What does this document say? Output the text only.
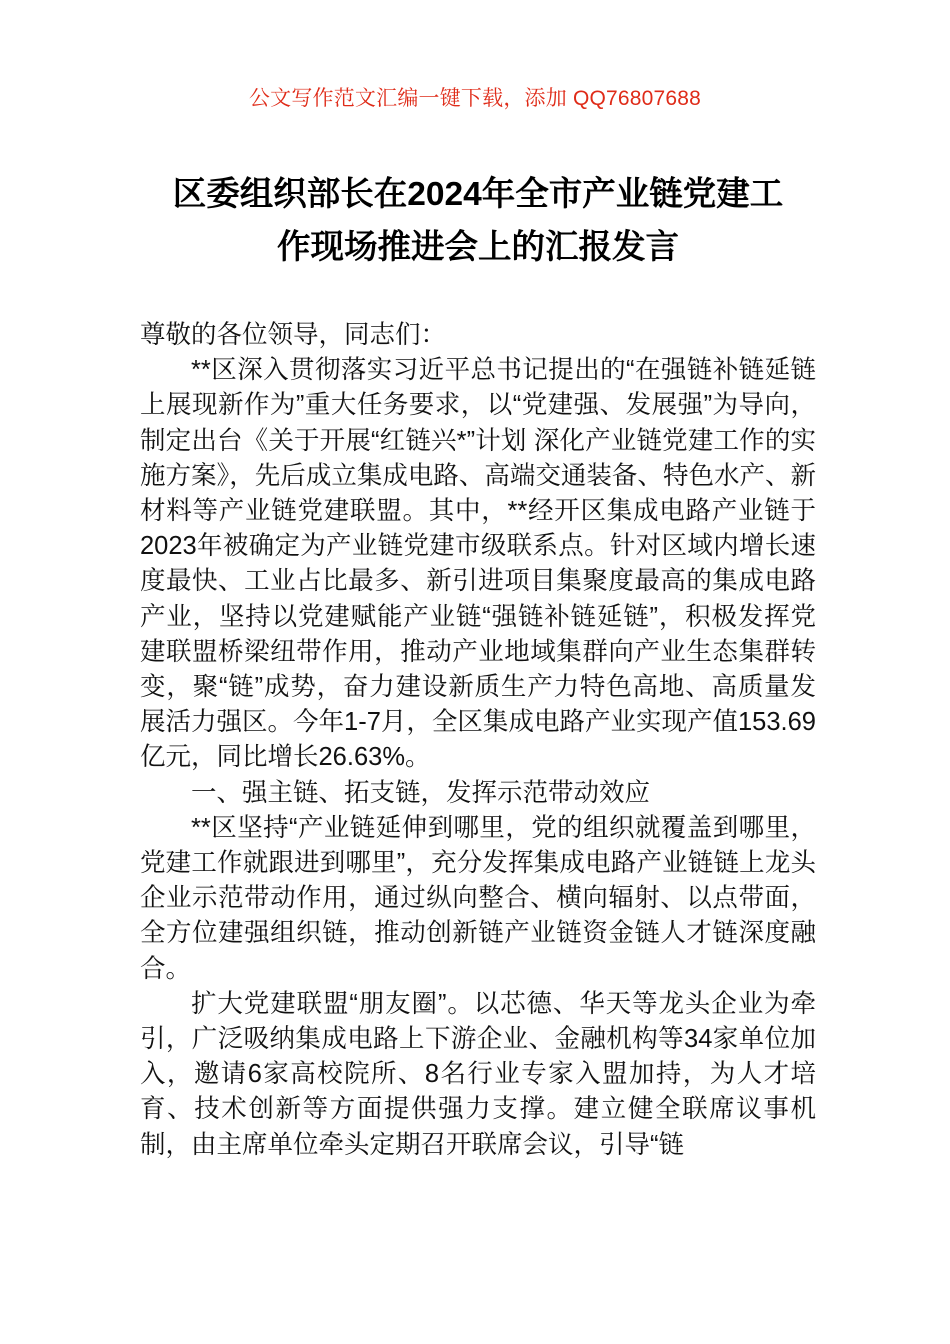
公文写作范文汇编一键下载，添加 QQ76807688
区委组织部长在2024年全市产业链党建工
作现场推进会上的汇报发言

尊敬的各位领导，同志们：

**区深入贯彻落实习近平总书记提出的“在强链补链延链上展现新作为”重大任务要求，以“党建强、发展强”为导向，制定出台《关于开展“红链兴*”计划 深化产业链党建工作的实施方案》，先后成立集成电路、高端交通装备、特色水产、新材料等产业链党建联盟。其中，**经开区集成电路产业链于2023年被确定为产业链党建市级联系点。针对区域内增长速度最快、工业占比最多、新引进项目集聚度最高的集成电路产业，坚持以党建赋能产业链“强链补链延链”，积极发挥党建联盟桥梁纽带作用，推动产业地域集群向产业生态集群转变，聚“链”成势，奋力建设新质生产力特色高地、高质量发展活力强区。今年1-7月，全区集成电路产业实现产值153.69亿元，同比增长26.63%。

一、强主链、拓支链，发挥示范带动效应

**区坚持“产业链延伸到哪里，党的组织就覆盖到哪里，党建工作就跟进到哪里”，充分发挥集成电路产业链链上龙头企业示范带动作用，通过纵向整合、横向辐射、以点带面，全方位建强组织链，推动创新链产业链资金链人才链深度融合。

扩大党建联盟“朋友圈”。以芯德、华天等龙头企业为牵引，广泛吸纳集成电路上下游企业、金融机构等34家单位加入，邀请6家高校院所、8名行业专家入盟加持，为人才培育、技术创新等方面提供强力支撑。建立健全联席议事机制，由主席单位牵头定期召开联席会议，引导“链
